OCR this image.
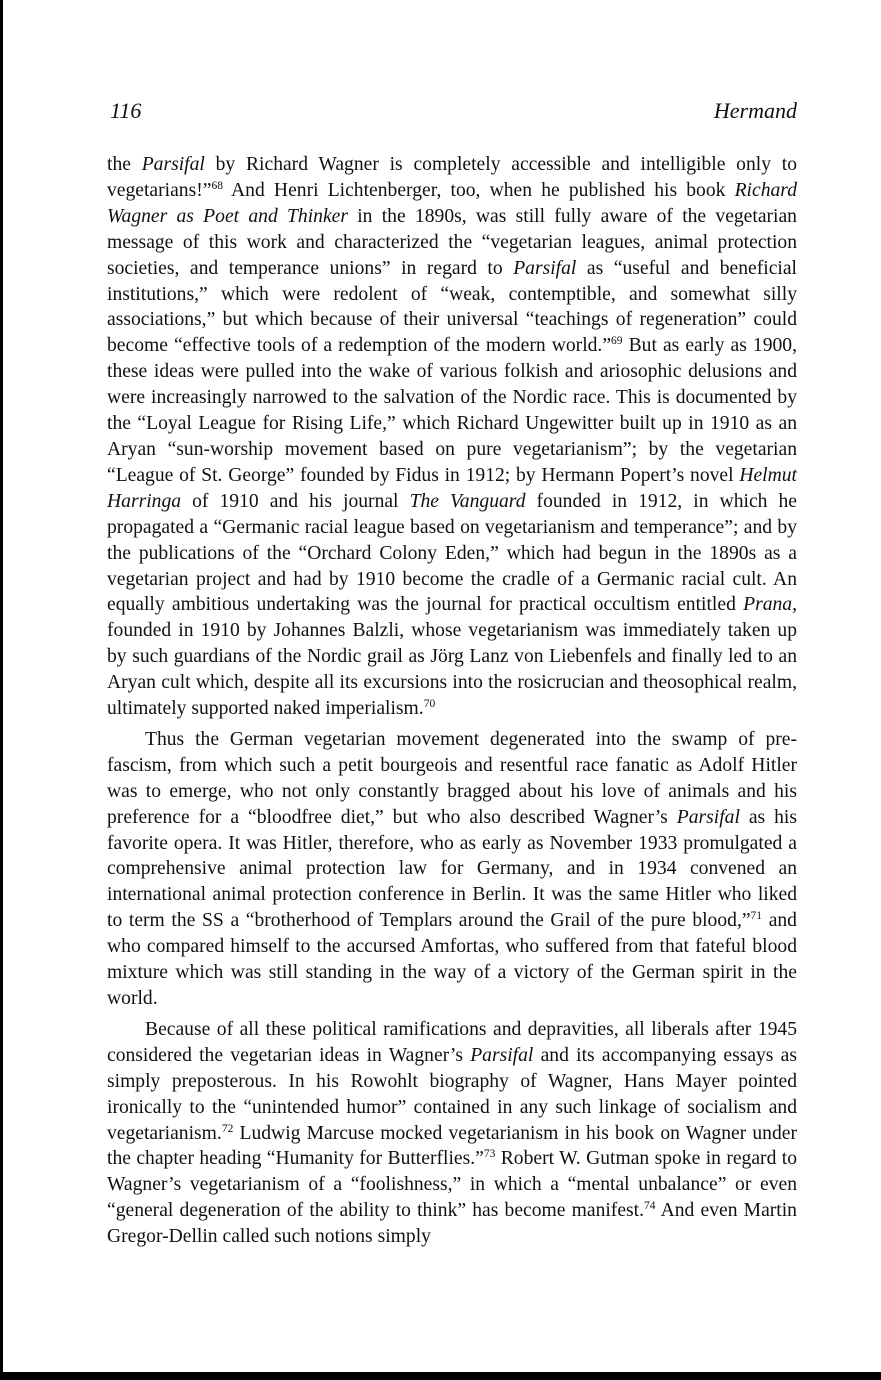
116	Hermand

the Parsifal by Richard Wagner is completely accessible and intelligible only to vegetarians!”$^{68}$ And Henri Lichtenberger, too, when he published his book Richard Wagner as Poet and Thinker in the 1890s, was still fully aware of the vegetarian message of this work and characterized the “vegetarian leagues, animal protection societies, and temperance unions” in regard to Parsifal as “useful and beneficial institutions,” which were redolent of “weak, contemptible, and somewhat silly associations,” but which because of their universal “teachings of regeneration” could become “effective tools of a redemption of the modern world.”$^{69}$ But as early as 1900, these ideas were pulled into the wake of various folkish and ariosophic delusions and were increasingly narrowed to the salvation of the Nordic race. This is documented by the “Loyal League for Rising Life,” which Richard Ungewitter built up in 1910 as an Aryan “sun-worship movement based on pure vegetarianism”; by the vegetarian “League of St. George” founded by Fidus in 1912; by Hermann Popert’s novel Helmut Harringa of 1910 and his journal The Vanguard founded in 1912, in which he propagated a “Germanic racial league based on vegetarianism and temperance”; and by the publications of the “Orchard Colony Eden,” which had begun in the 1890s as a vegetarian project and had by 1910 become the cradle of a Germanic racial cult. An equally ambitious undertaking was the journal for practical occultism entitled Prana, founded in 1910 by Johannes Balzli, whose vegetarianism was immediately taken up by such guardians of the Nordic grail as Jörg Lanz von Liebenfels and finally led to an Aryan cult which, despite all its excursions into the rosicrucian and theosophical realm, ultimately supported naked imperialism.$^{70}$

Thus the German vegetarian movement degenerated into the swamp of pre-fascism, from which such a petit bourgeois and resentful race fanatic as Adolf Hitler was to emerge, who not only constantly bragged about his love of animals and his preference for a “bloodfree diet,” but who also described Wagner’s Parsifal as his favorite opera. It was Hitler, therefore, who as early as November 1933 promulgated a comprehensive animal protection law for Germany, and in 1934 convened an international animal protection conference in Berlin. It was the same Hitler who liked to term the SS a “brotherhood of Templars around the Grail of the pure blood,”$^{71}$ and who compared himself to the accursed Amfortas, who suffered from that fateful blood mixture which was still standing in the way of a victory of the German spirit in the world.

Because of all these political ramifications and depravities, all liberals after 1945 considered the vegetarian ideas in Wagner’s Parsifal and its accompanying essays as simply preposterous. In his Rowohlt biography of Wagner, Hans Mayer pointed ironically to the “unintended humor” contained in any such linkage of socialism and vegetarianism.$^{72}$ Ludwig Marcuse mocked vegetarianism in his book on Wagner under the chapter heading “Humanity for Butterflies.”$^{73}$ Robert W. Gutman spoke in regard to Wagner’s vegetarianism of a “foolishness,” in which a “mental unbalance” or even “general degeneration of the ability to think” has become manifest.$^{74}$ And even Martin Gregor-Dellin called such notions simply
